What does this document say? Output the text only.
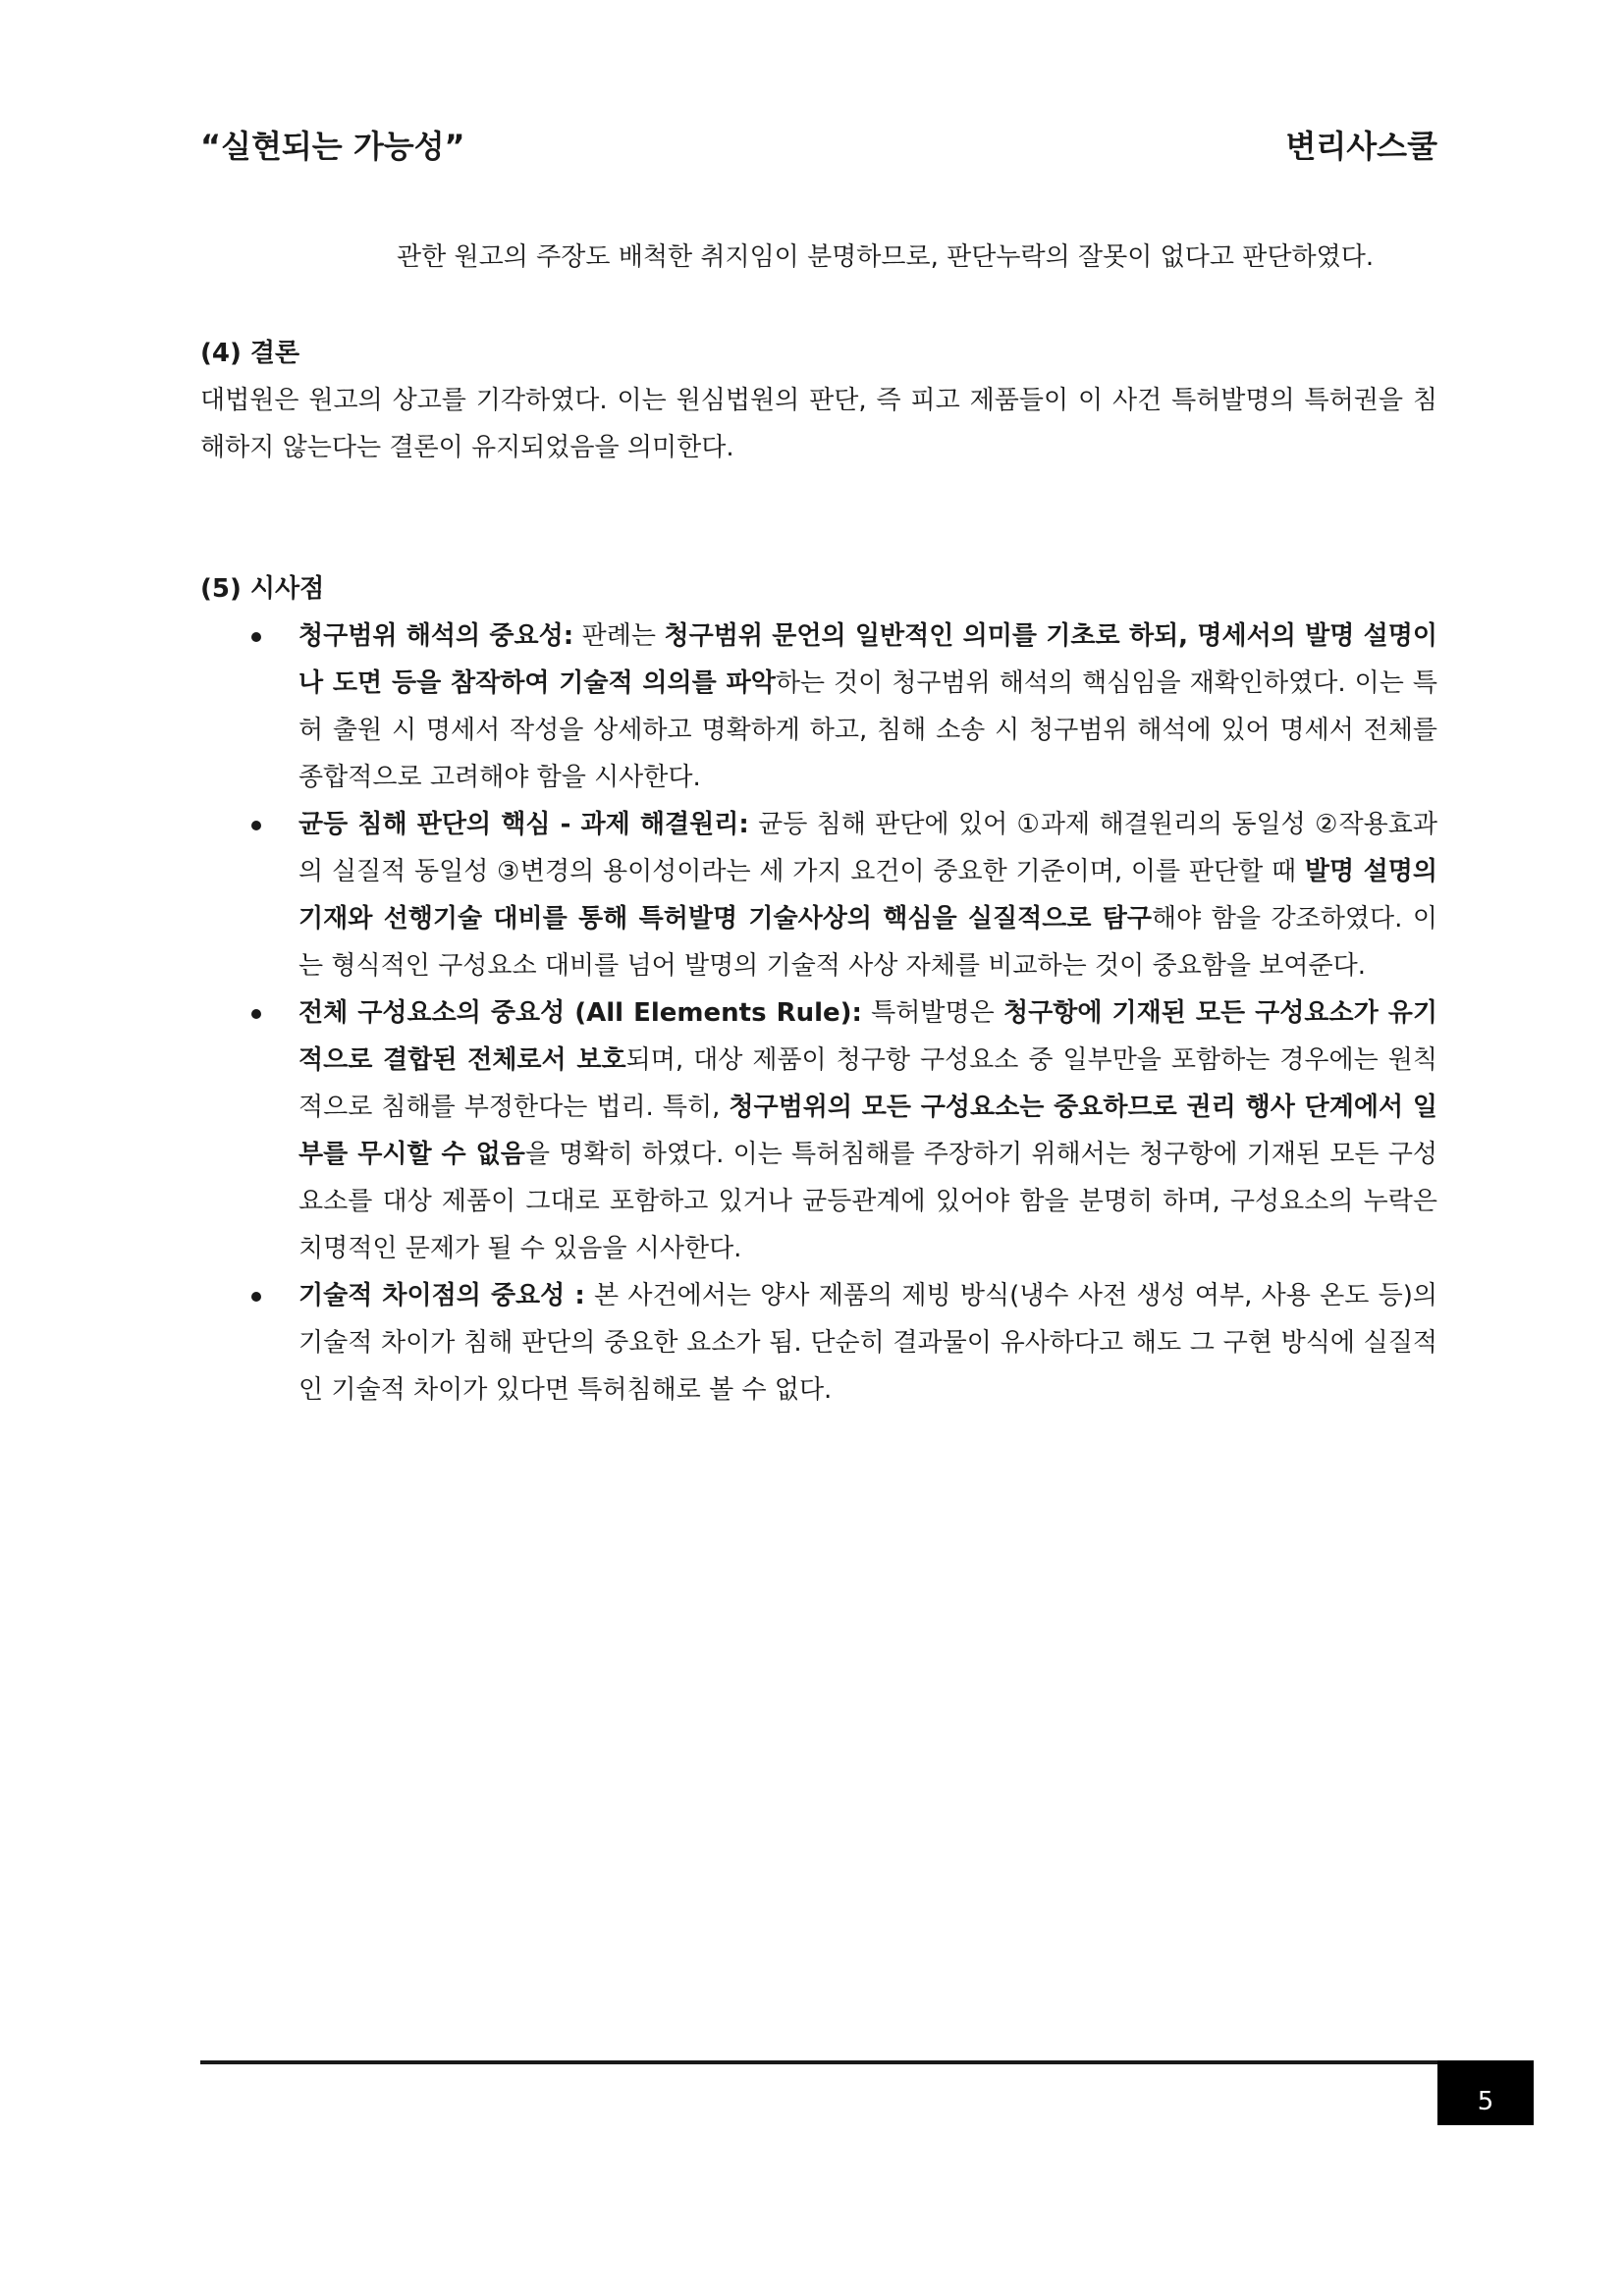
“실현되는 가능성”	변리사스쿨

관한 원고의 주장도 배척한 취지임이 분명하므로, 판단누락의 잘못이 없다고 판단하였다.

(4) 결론

대법원은 원고의 상고를 기각하였다. 이는 원심법원의 판단, 즉 피고 제품들이 이 사건 특허발명의 특허권을 침해하지 않는다는 결론이 유지되었음을 의미한다.

(5) 시사점

청구범위 해석의 중요성: 판례는 청구범위 문언의 일반적인 의미를 기초로 하되, 명세서의 발명 설명이나 도면 등을 참작하여 기술적 의의를 파악하는 것이 청구범위 해석의 핵심임을 재확인하였다. 이는 특허 출원 시 명세서 작성을 상세하고 명확하게 하고, 침해 소송 시 청구범위 해석에 있어 명세서 전체를 종합적으로 고려해야 함을 시사한다.
균등 침해 판단의 핵심 - 과제 해결원리: 균등 침해 판단에 있어 ①과제 해결원리의 동일성 ②작용효과의 실질적 동일성 ③변경의 용이성이라는 세 가지 요건이 중요한 기준이며, 이를 판단할 때 발명 설명의 기재와 선행기술 대비를 통해 특허발명 기술사상의 핵심을 실질적으로 탐구해야 함을 강조하였다. 이는 형식적인 구성요소 대비를 넘어 발명의 기술적 사상 자체를 비교하는 것이 중요함을 보여준다.
전체 구성요소의 중요성 (All Elements Rule): 특허발명은 청구항에 기재된 모든 구성요소가 유기적으로 결합된 전체로서 보호되며, 대상 제품이 청구항 구성요소 중 일부만을 포함하는 경우에는 원칙적으로 침해를 부정한다는 법리. 특히, 청구범위의 모든 구성요소는 중요하므로 권리 행사 단계에서 일부를 무시할 수 없음을 명확히 하였다. 이는 특허침해를 주장하기 위해서는 청구항에 기재된 모든 구성요소를 대상 제품이 그대로 포함하고 있거나 균등관계에 있어야 함을 분명히 하며, 구성요소의 누락은 치명적인 문제가 될 수 있음을 시사한다.
기술적 차이점의 중요성 : 본 사건에서는 양사 제품의 제빙 방식(냉수 사전 생성 여부, 사용 온도 등)의 기술적 차이가 침해 판단의 중요한 요소가 됨. 단순히 결과물이 유사하다고 해도 그 구현 방식에 실질적인 기술적 차이가 있다면 특허침해로 볼 수 없다.
5
